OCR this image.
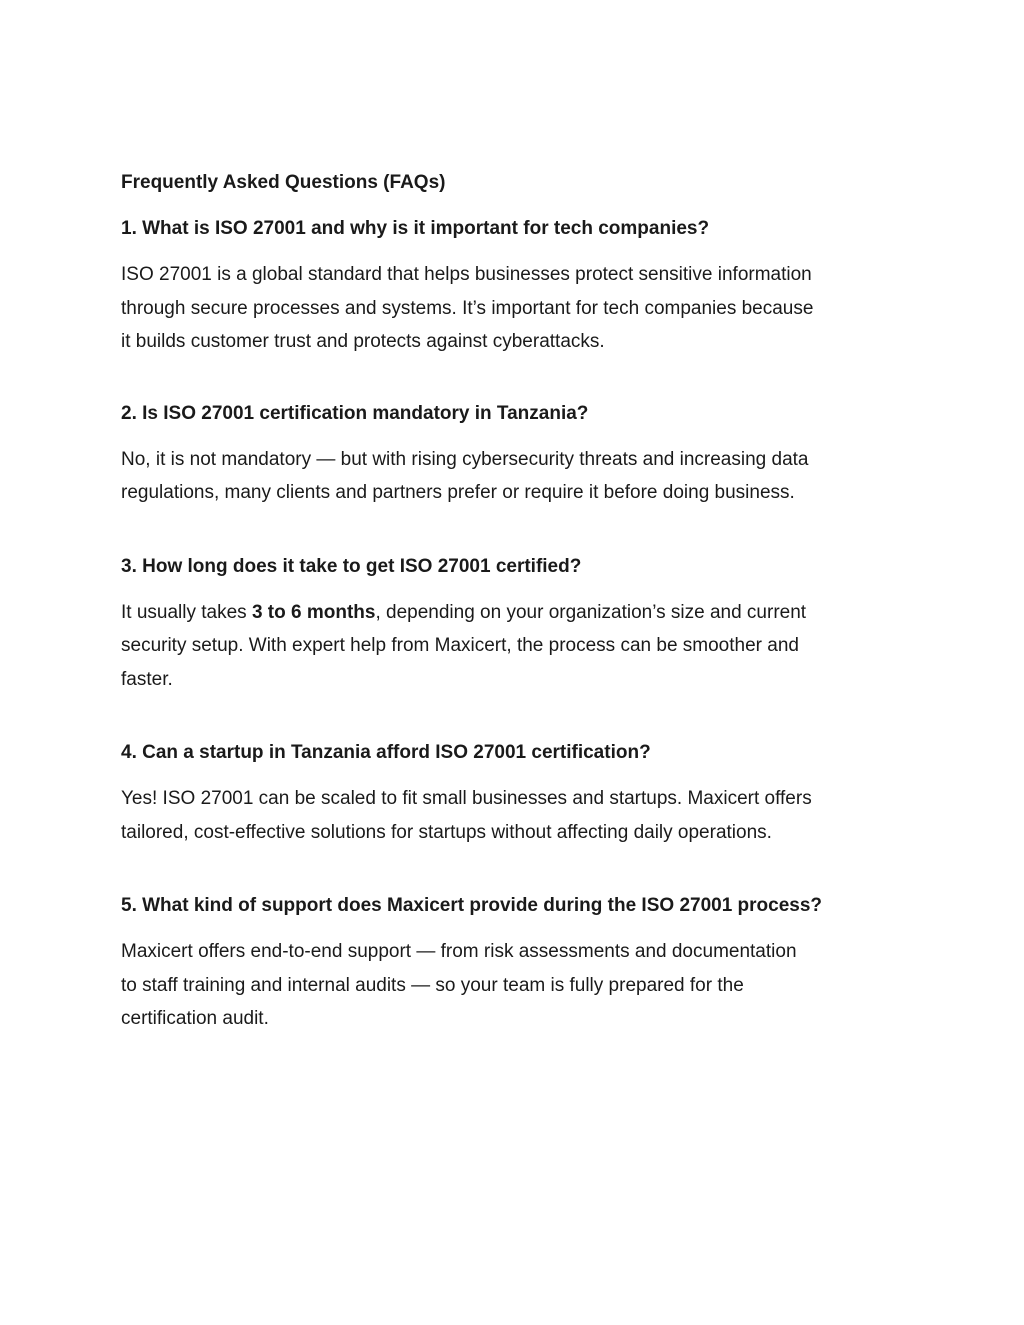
Frequently Asked Questions (FAQs)
1. What is ISO 27001 and why is it important for tech companies?
ISO 27001 is a global standard that helps businesses protect sensitive information
through secure processes and systems. It’s important for tech companies because
it builds customer trust and protects against cyberattacks.
2. Is ISO 27001 certification mandatory in Tanzania?
No, it is not mandatory — but with rising cybersecurity threats and increasing data
regulations, many clients and partners prefer or require it before doing business.
3. How long does it take to get ISO 27001 certified?
It usually takes 3 to 6 months, depending on your organization’s size and current
security setup. With expert help from Maxicert, the process can be smoother and
faster.
4. Can a startup in Tanzania afford ISO 27001 certification?
Yes! ISO 27001 can be scaled to fit small businesses and startups. Maxicert offers
tailored, cost-effective solutions for startups without affecting daily operations.
5. What kind of support does Maxicert provide during the ISO 27001 process?
Maxicert offers end-to-end support — from risk assessments and documentation
to staff training and internal audits — so your team is fully prepared for the
certification audit.
